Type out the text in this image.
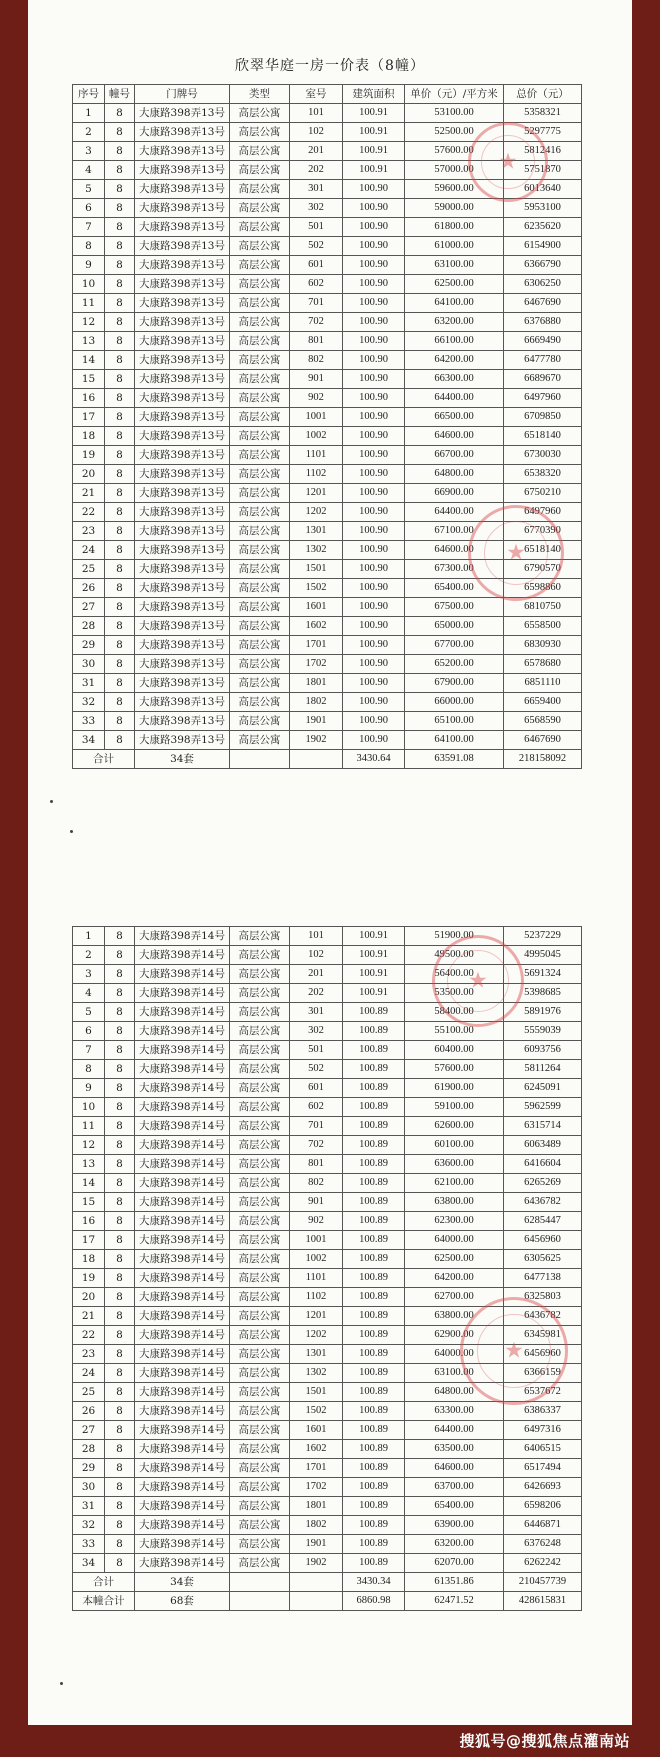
欣翠华庭一房一价表（8幢）
序号	幢号	门牌号	类型	室号	建筑面积	单价（元）/平方米	总价（元）
1	8	大康路398弄13号	高层公寓	101	100.91	53100.00	5358321
2	8	大康路398弄13号	高层公寓	102	100.91	52500.00	5297775
3	8	大康路398弄13号	高层公寓	201	100.91	57600.00	5812416
4	8	大康路398弄13号	高层公寓	202	100.91	57000.00	5751870
5	8	大康路398弄13号	高层公寓	301	100.90	59600.00	6013640
6	8	大康路398弄13号	高层公寓	302	100.90	59000.00	5953100
7	8	大康路398弄13号	高层公寓	501	100.90	61800.00	6235620
8	8	大康路398弄13号	高层公寓	502	100.90	61000.00	6154900
9	8	大康路398弄13号	高层公寓	601	100.90	63100.00	6366790
10	8	大康路398弄13号	高层公寓	602	100.90	62500.00	6306250
11	8	大康路398弄13号	高层公寓	701	100.90	64100.00	6467690
12	8	大康路398弄13号	高层公寓	702	100.90	63200.00	6376880
13	8	大康路398弄13号	高层公寓	801	100.90	66100.00	6669490
14	8	大康路398弄13号	高层公寓	802	100.90	64200.00	6477780
15	8	大康路398弄13号	高层公寓	901	100.90	66300.00	6689670
16	8	大康路398弄13号	高层公寓	902	100.90	64400.00	6497960
17	8	大康路398弄13号	高层公寓	1001	100.90	66500.00	6709850
18	8	大康路398弄13号	高层公寓	1002	100.90	64600.00	6518140
19	8	大康路398弄13号	高层公寓	1101	100.90	66700.00	6730030
20	8	大康路398弄13号	高层公寓	1102	100.90	64800.00	6538320
21	8	大康路398弄13号	高层公寓	1201	100.90	66900.00	6750210
22	8	大康路398弄13号	高层公寓	1202	100.90	64400.00	6497960
23	8	大康路398弄13号	高层公寓	1301	100.90	67100.00	6770390
24	8	大康路398弄13号	高层公寓	1302	100.90	64600.00	6518140
25	8	大康路398弄13号	高层公寓	1501	100.90	67300.00	6790570
26	8	大康路398弄13号	高层公寓	1502	100.90	65400.00	6598860
27	8	大康路398弄13号	高层公寓	1601	100.90	67500.00	6810750
28	8	大康路398弄13号	高层公寓	1602	100.90	65000.00	6558500
29	8	大康路398弄13号	高层公寓	1701	100.90	67700.00	6830930
30	8	大康路398弄13号	高层公寓	1702	100.90	65200.00	6578680
31	8	大康路398弄13号	高层公寓	1801	100.90	67900.00	6851110
32	8	大康路398弄13号	高层公寓	1802	100.90	66000.00	6659400
33	8	大康路398弄13号	高层公寓	1901	100.90	65100.00	6568590
34	8	大康路398弄13号	高层公寓	1902	100.90	64100.00	6467690
合计		34套			3430.64	63591.08	218158092
1	8	大康路398弄14号	高层公寓	101	100.91	51900.00	5237229
2	8	大康路398弄14号	高层公寓	102	100.91	49500.00	4995045
3	8	大康路398弄14号	高层公寓	201	100.91	56400.00	5691324
4	8	大康路398弄14号	高层公寓	202	100.91	53500.00	5398685
5	8	大康路398弄14号	高层公寓	301	100.89	58400.00	5891976
6	8	大康路398弄14号	高层公寓	302	100.89	55100.00	5559039
7	8	大康路398弄14号	高层公寓	501	100.89	60400.00	6093756
8	8	大康路398弄14号	高层公寓	502	100.89	57600.00	5811264
9	8	大康路398弄14号	高层公寓	601	100.89	61900.00	6245091
10	8	大康路398弄14号	高层公寓	602	100.89	59100.00	5962599
11	8	大康路398弄14号	高层公寓	701	100.89	62600.00	6315714
12	8	大康路398弄14号	高层公寓	702	100.89	60100.00	6063489
13	8	大康路398弄14号	高层公寓	801	100.89	63600.00	6416604
14	8	大康路398弄14号	高层公寓	802	100.89	62100.00	6265269
15	8	大康路398弄14号	高层公寓	901	100.89	63800.00	6436782
16	8	大康路398弄14号	高层公寓	902	100.89	62300.00	6285447
17	8	大康路398弄14号	高层公寓	1001	100.89	64000.00	6456960
18	8	大康路398弄14号	高层公寓	1002	100.89	62500.00	6305625
19	8	大康路398弄14号	高层公寓	1101	100.89	64200.00	6477138
20	8	大康路398弄14号	高层公寓	1102	100.89	62700.00	6325803
21	8	大康路398弄14号	高层公寓	1201	100.89	63800.00	6436782
22	8	大康路398弄14号	高层公寓	1202	100.89	62900.00	6345981
23	8	大康路398弄14号	高层公寓	1301	100.89	64000.00	6456960
24	8	大康路398弄14号	高层公寓	1302	100.89	63100.00	6366159
25	8	大康路398弄14号	高层公寓	1501	100.89	64800.00	6537672
26	8	大康路398弄14号	高层公寓	1502	100.89	63300.00	6386337
27	8	大康路398弄14号	高层公寓	1601	100.89	64400.00	6497316
28	8	大康路398弄14号	高层公寓	1602	100.89	63500.00	6406515
29	8	大康路398弄14号	高层公寓	1701	100.89	64600.00	6517494
30	8	大康路398弄14号	高层公寓	1702	100.89	63700.00	6426693
31	8	大康路398弄14号	高层公寓	1801	100.89	65400.00	6598206
32	8	大康路398弄14号	高层公寓	1802	100.89	63900.00	6446871
33	8	大康路398弄14号	高层公寓	1901	100.89	63200.00	6376248
34	8	大康路398弄14号	高层公寓	1902	100.89	62070.00	6262242
合计		34套			3430.34	61351.86	210457739
本幢合计		68套			6860.98	62471.52	428615831
★
★
★
★
搜狐号@搜狐焦点灌南站
